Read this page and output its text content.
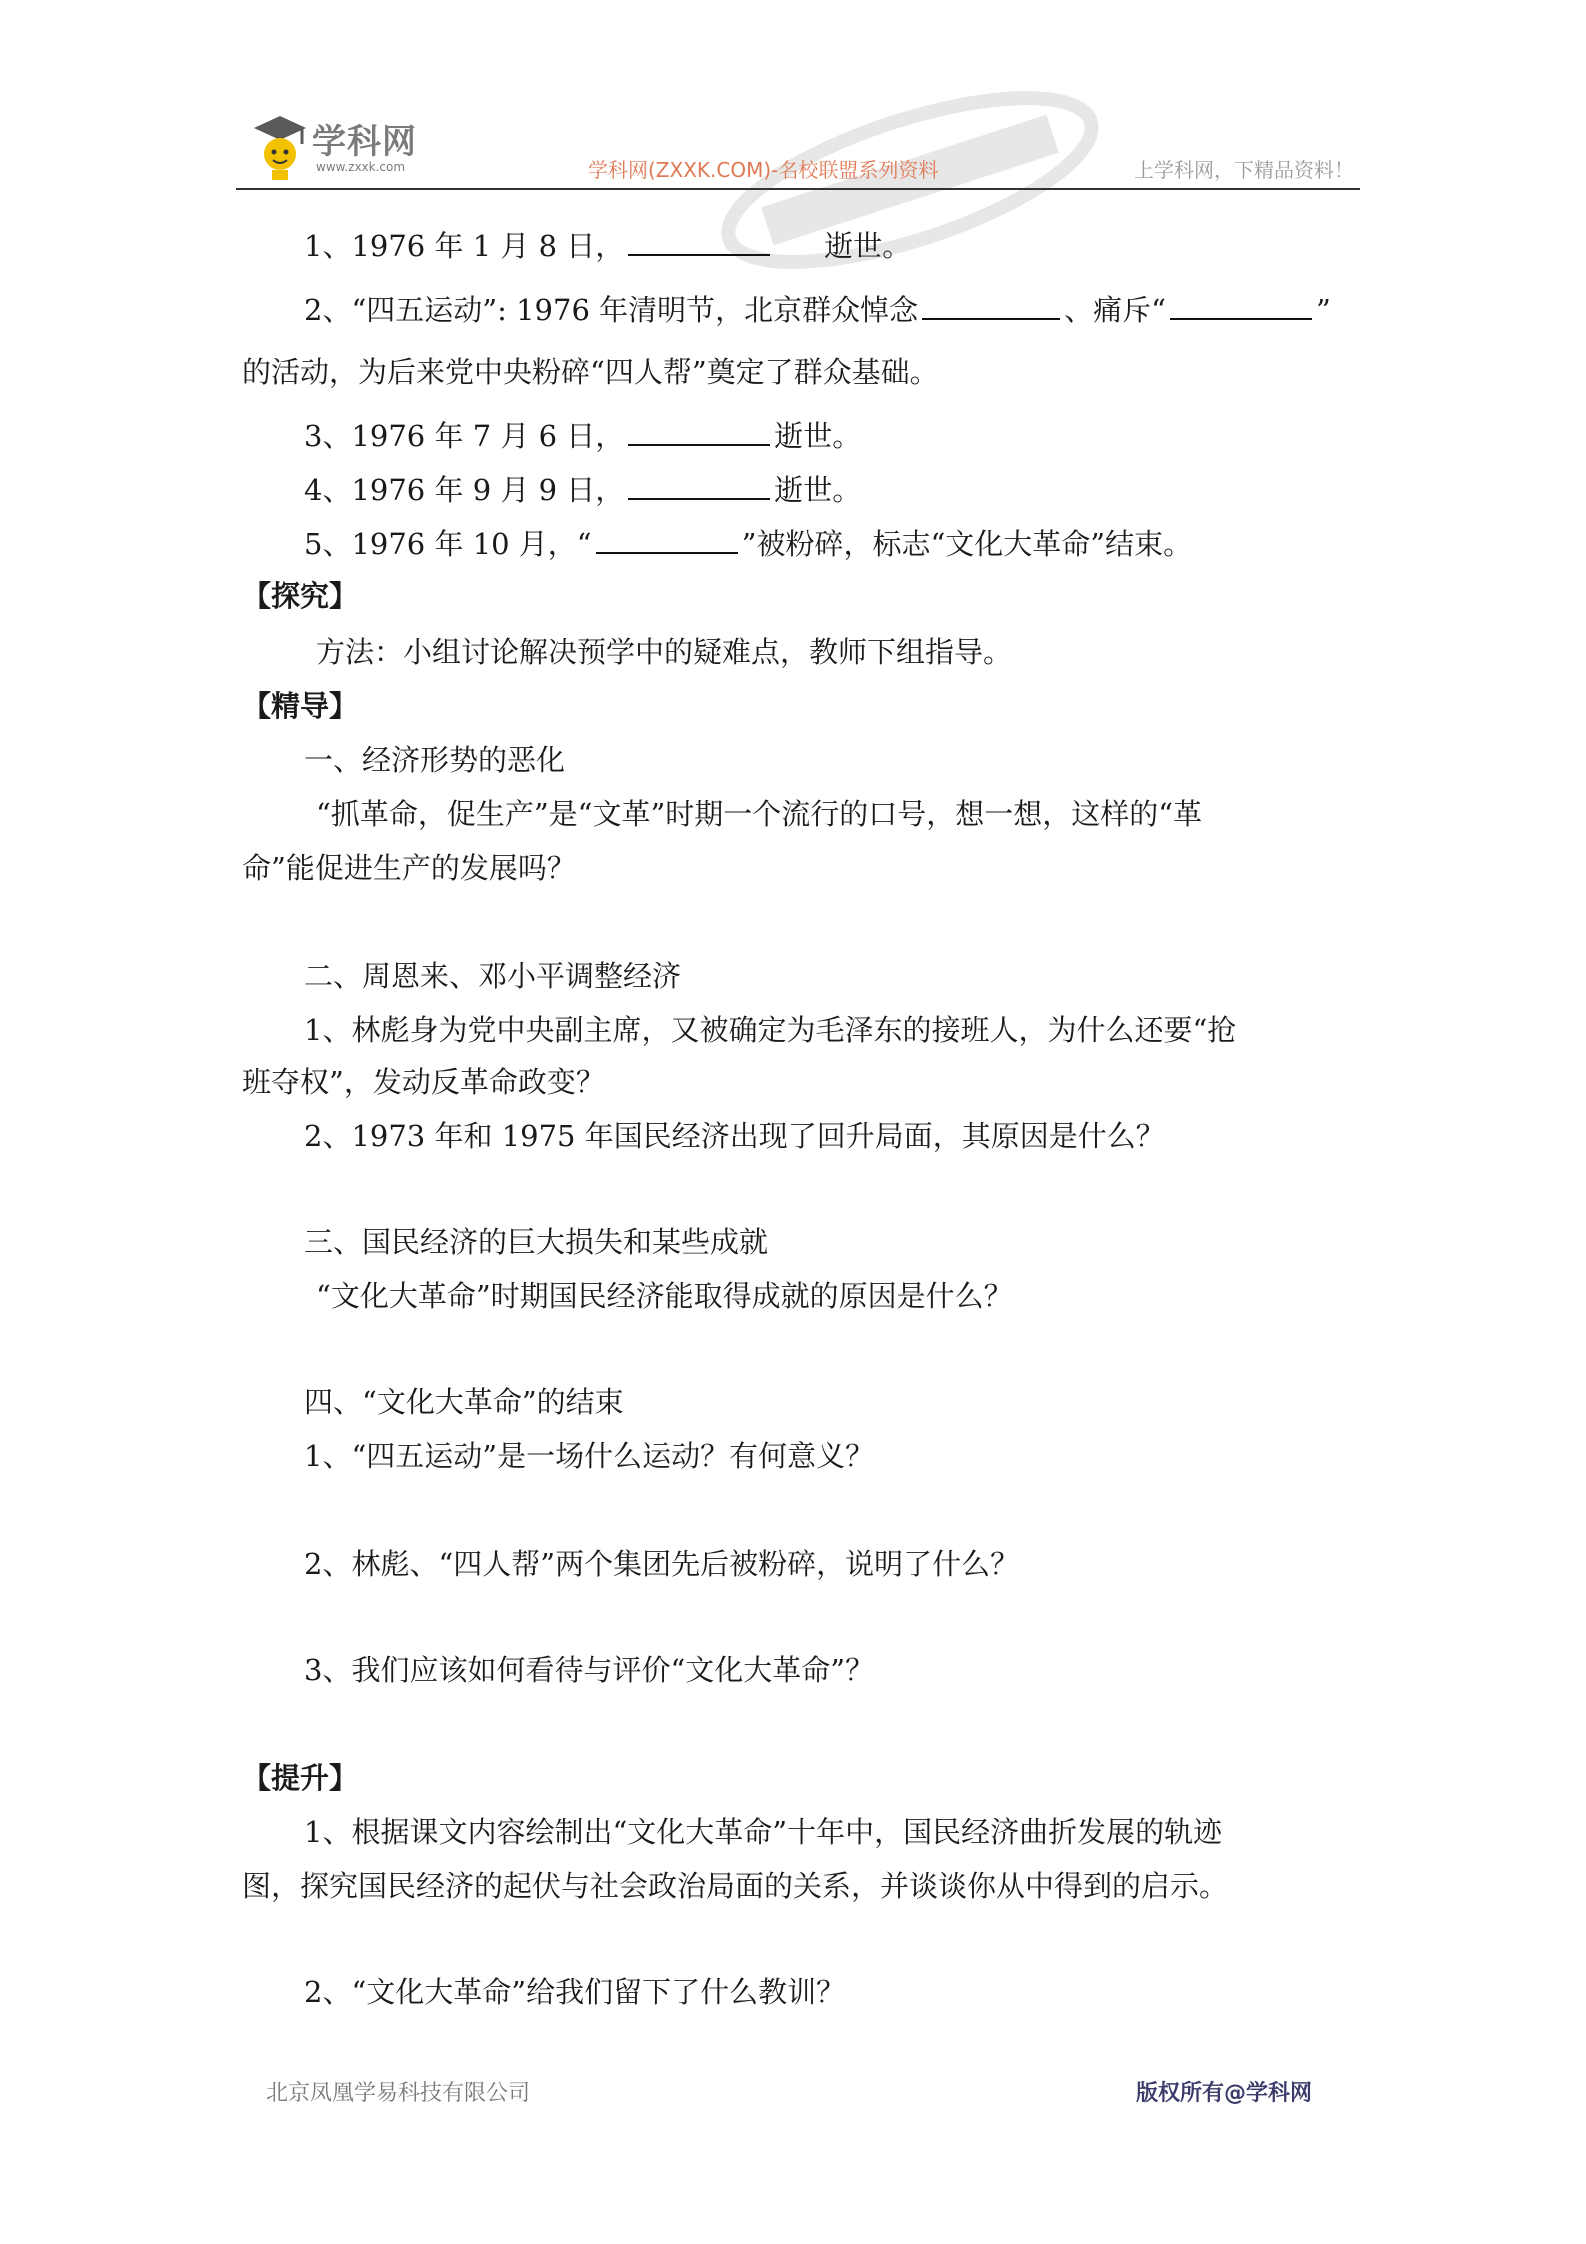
学科网
www.zxxk.com	学科网(ZXXK.COM)-名校联盟系列资料	上学科网，下精品资料！
1、1976 年 1 月 8 日，	逝世。
2、“四五运动”: 1976 年清明节，北京群众悼念	、痛斥“	”
的活动，为后来党中央粉碎“四人帮”奠定了群众基础。
3、1976 年 7 月 6 日，	逝世。
4、1976 年 9 月 9 日，	逝世。
5、1976 年 10 月，“	”被粉碎，标志“文化大革命”结束。
【探究】
方法：小组讨论解决预学中的疑难点，教师下组指导。
【精导】
一、经济形势的恶化
“抓革命，促生产”是“文革”时期一个流行的口号，想一想，这样的“革
命”能促进生产的发展吗？
二、周恩来、邓小平调整经济
1、林彪身为党中央副主席，又被确定为毛泽东的接班人，为什么还要“抢
班夺权”，发动反革命政变？
2、1973 年和 1975 年国民经济出现了回升局面，其原因是什么？
三、国民经济的巨大损失和某些成就
“文化大革命”时期国民经济能取得成就的原因是什么？
四、“文化大革命”的结束
1、“四五运动”是一场什么运动？有何意义？
2、林彪、“四人帮”两个集团先后被粉碎，说明了什么？
3、我们应该如何看待与评价“文化大革命”？
【提升】
1、根据课文内容绘制出“文化大革命”十年中，国民经济曲折发展的轨迹
图，探究国民经济的起伏与社会政治局面的关系，并谈谈你从中得到的启示。
2、“文化大革命”给我们留下了什么教训？
北京凤凰学易科技有限公司	版权所有@学科网
